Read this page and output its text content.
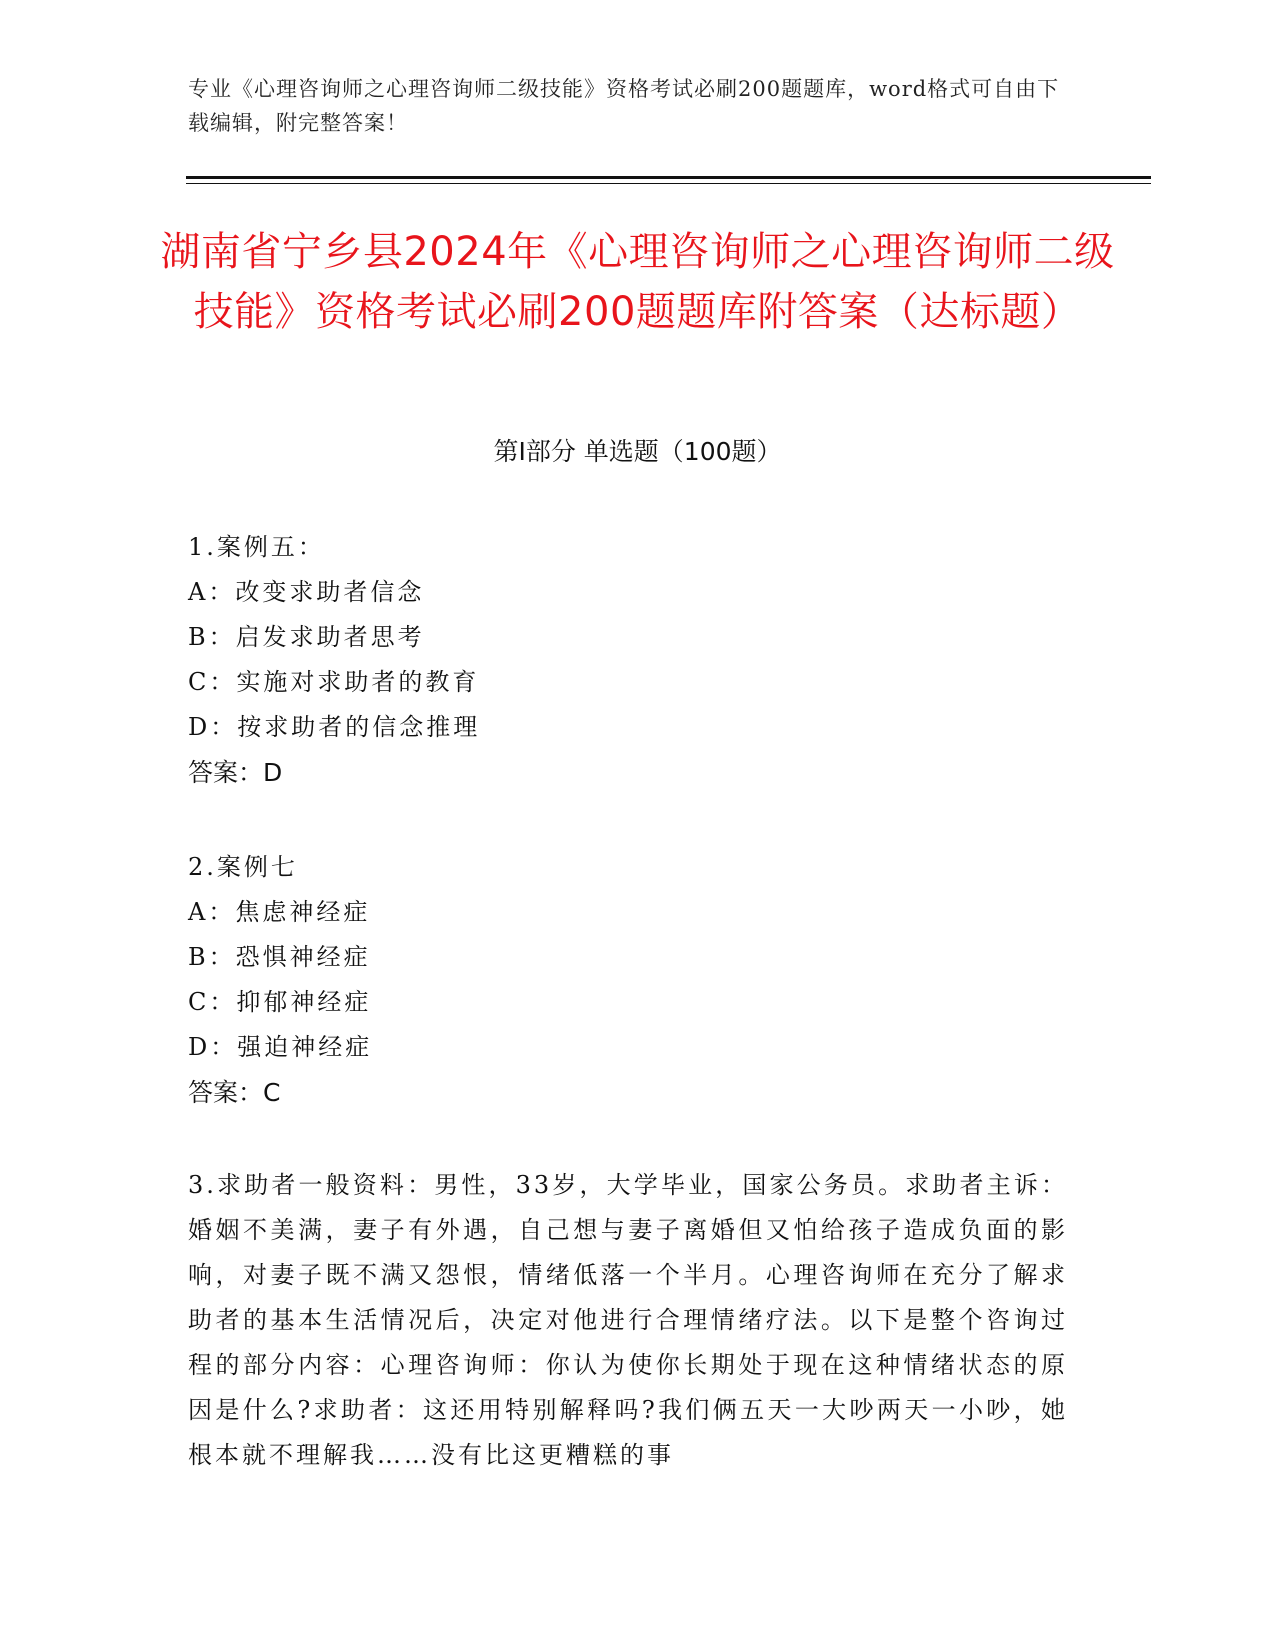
专业《心理咨询师之心理咨询师二级技能》资格考试必刷200题题库，word格式可自由下载编辑，附完整答案！
湖南省宁乡县2024年《心理咨询师之心理咨询师二级技能》资格考试必刷200题题库附答案（达标题）
第Ⅰ部分 单选题（100题）
1.案例五：
A：改变求助者信念
B：启发求助者思考
C：实施对求助者的教育
D：按求助者的信念推理
答案：D
2.案例七
A：焦虑神经症
B：恐惧神经症
C：抑郁神经症
D：强迫神经症
答案：C
3.求助者一般资料：男性，33岁，大学毕业，国家公务员。求助者主诉：婚姻不美满，妻子有外遇，自己想与妻子离婚但又怕给孩子造成负面的影响，对妻子既不满又怨恨，情绪低落一个半月。心理咨询师在充分了解求助者的基本生活情况后，决定对他进行合理情绪疗法。以下是整个咨询过程的部分内容：心理咨询师：你认为使你长期处于现在这种情绪状态的原因是什么?求助者：这还用特别解释吗?我们俩五天一大吵两天一小吵，她根本就不理解我……没有比这更糟糕的事
